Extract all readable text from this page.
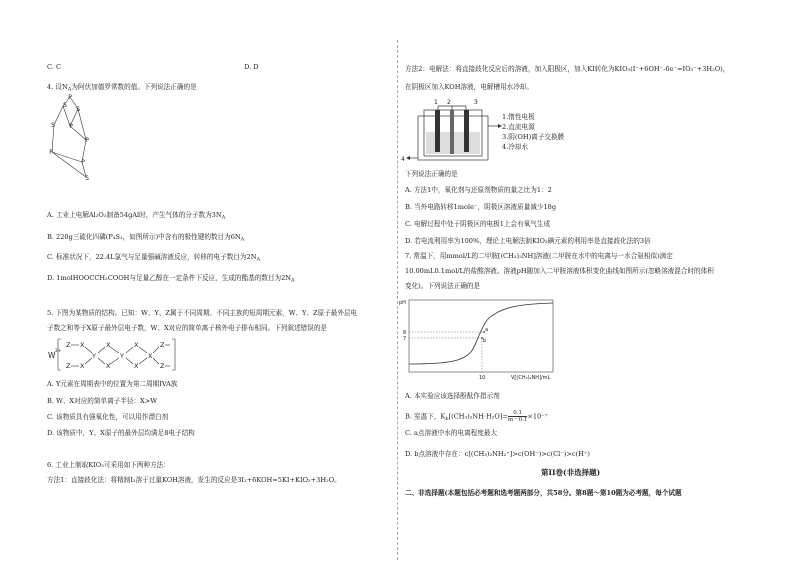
C. C	D. D
4. 设$N_A$为阿伏加德罗常数的值。下列说法正确的是
P
S
S
S P
P
P
P
S
A. 工业上电解Al₂O₃制备54gAl时，产生气体的分子数为$3N_A$
B. 220g三硫化四磷(P₄S₃，如图所示)中含有的极性键的数目为$6N_A$
C. 标准状况下，22.4L氯气与足量强碱溶液反应，转移的电子数目为$2N_A$
D. 1molHOOCCH₂COOH与足量乙醇在一定条件下反应，生成的酯基的数目为$2N_A$
5. 下图为某物质的结构。已知：W、Y、Z属于不同周期、不同主族的短周期元素，W、Y、Z原子最外层电
子数之和等于X原子最外层电子数，W、X对应的简单离子核外电子排布相同。下列叙述错误的是
W 2+
Z X	X
Y
Z X	X
Y
X	Z
X	Z
X
A. Y元素在周期表中的位置为第二周期IVA族
B. W、X对应的简单离子半径：X>W
C. 该物质具有强氧化性，可以用作漂白剂
D. 该物质中，Y、X原子的最外层均满足8电子结构
6. 工业上制取KIO₃可采用如下两种方法：
方法1：直接歧化法：将精制I₂溶于过量KOH溶液，发生的反应是3I₂+6KOH=5KI+KIO₃+3H₂O。
方法2：电解法：将直接歧化反应后的溶液，加入阳极区，加入KI转化为KIO₃(I⁻+6OH⁻-6e⁻=IO₃⁻+3H₂O)，
在阴极区加入KOH溶液，电解槽用水冷却。
1 2	3
4
1.惰性电极
2.直流电源
3.阴(OH)离子交换膜
4.冷却水
下列说法正确的是
A. 方法1中，氧化剂与还原剂物质的量之比为1：2
B. 当外电路转移1mole⁻，阴极区溶液质量减少18g
C. 电解过程中处于阴极区的电极1上会有氧气生成
D. 若电流利用率为100%，理论上电解法制KIO₃碘元素的利用率是直接歧化法的3倍
7. 常温下，用mmol/L的二甲胺[(CH₃)₂NH]溶液(二甲胺在水中的电离与一水合氨相似)滴定
10.00mL0.1mol/L的盐酸溶液。溶液pH随加入二甲胺溶液体积变化曲线如图所示(忽略溶液混合时的体积
变化)。下列说法正确的是
pH
8
7
10	V[(CH₃)₂NH]/mL
a
b
A. 本实验应该选择酚酞作指示剂
B. 室温下，$K_b[(CH_3)_2NH\cdot H_2O]= \frac{0.1}{m-0.1} \times 10^{-7}$
C. a点溶液中水的电离程度最大
D. b点溶液中存在：c[(CH₃)₂NH₂⁺]>c(OH⁻)>c(Cl⁻)>c(H⁺)
第II卷(非选择题)
二、非选择题(本题包括必考题和选考题两部分，共58分。第8题～第10题为必考题，每个试题
